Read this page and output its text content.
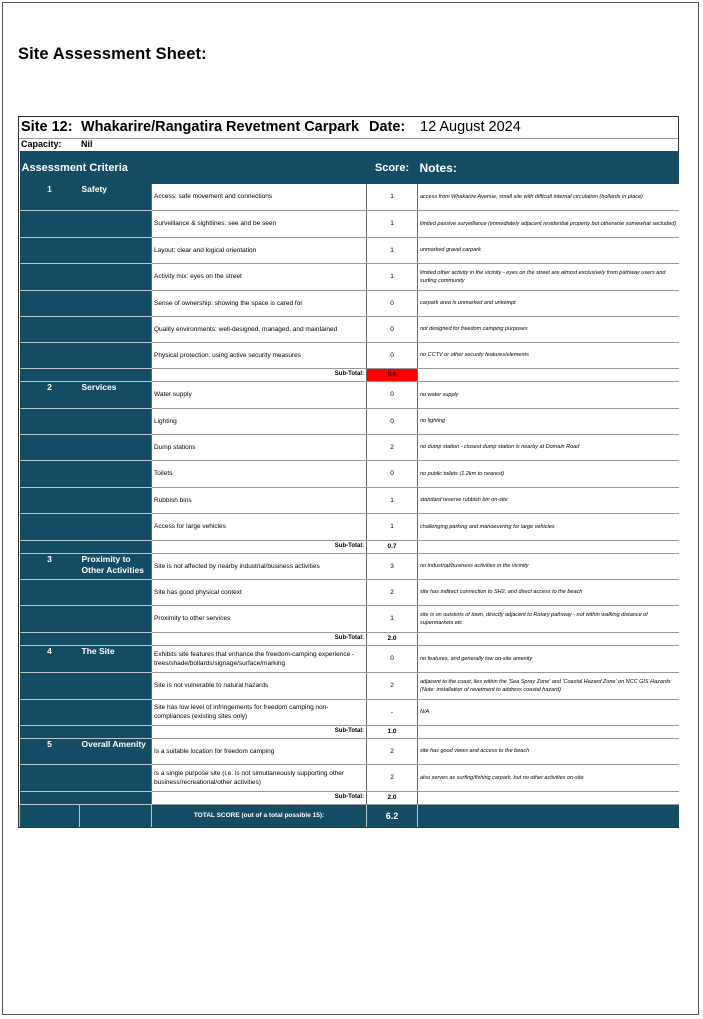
Site Assessment Sheet:
Site 12: Whakarire/Rangatira Revetment Carpark Date: 12 August 2024
Capacity: Nil
Assessment Criteria			Score:	Notes:
1	Safety	Access: safe movement and connections	1	access from Whakarire Avenue, small site with difficult internal circulation (bollards in place)
		Surveillance & sightlines: see and be seen	1	limited passive surveillance (immediately adjacent residential property but otherwise somewhat secluded)
		Layout: clear and logical orientation	1	unmarked gravel carpark
		Activity mix: eyes on the street	1	limited other activity in the vicinity - eyes on the street are almost exclusively from pathway users and surfing community
		Sense of ownership: showing the space is cared for	0	carpark area is unmarked and unkempt
		Quality environments: well-designed, managed, and maintained	0	not designed for freedom camping purposes
		Physical protection: using active security measures	0	no CCTV or other security features/elements
		Sub-Total:	0.6	
2	Services	Water supply	0	no water supply
		Lighting	0	no lighting
		Dump stations	2	no dump station - closest dump station is nearby at Domain Road
		Toilets	0	no public toilets (1.2km to nearest)
		Rubbish bins	1	standard reserve rubbish bin on-site
		Access for large vehicles	1	challenging parking and manoeuvring for large vehicles
		Sub-Total:	0.7	
3	Proximity to Other Activities	Site is not affected by nearby industrial/business activities	3	no industrial/business activities in the vicinity
		Site has good physical context	2	site has indirect connection to SH2, and direct access to the beach
		Proximity to other services	1	site is on outskirts of town, directly adjacent to Rotary pathway - not within walking distance of supermarkets etc
		Sub-Total:	2.0	
4	The Site	Exhibits site features that enhance the freedom-camping experience - trees/shade/bollards/signage/surface/marking	0	no features, and generally low on-site amenity
		Site is not vulnerable to natural hazards	2	adjacent to the coast, lies within the 'Sea Spray Zone' and 'Coastal Hazard Zone' on NCC GIS Hazards (Note: installation of revetment to address coastal hazard)
		Site has low level of infringements for freedom camping non-compliances (existing sites only)	-	N/A
		Sub-Total:	1.0	
5	Overall Amenity	Is a suitable location for freedom camping	2	site has good views and access to the beach
		Is a single purpose site (i.e. is not simultaneously supporting other business/recreational/other activities)	2	also serves as surfing/fishing carpark, but no other activities on-site
		Sub-Total:	2.0	
		TOTAL SCORE (out of a total possible 15):	6.2	
